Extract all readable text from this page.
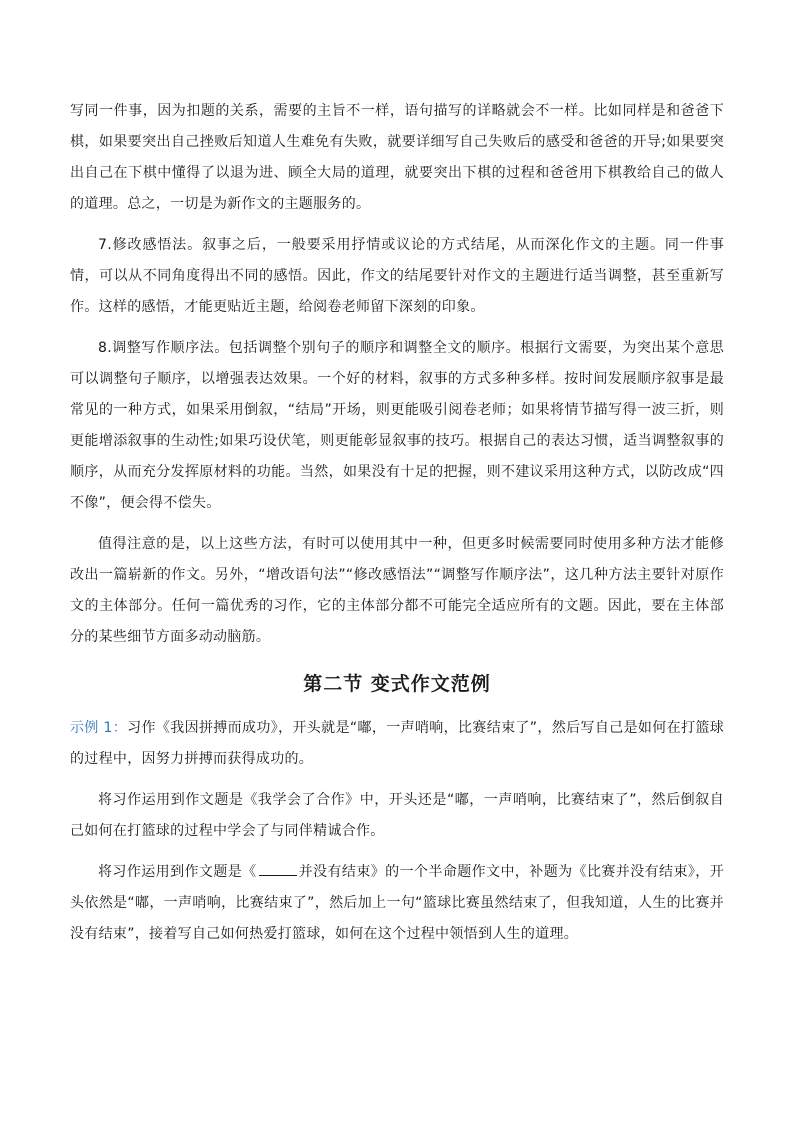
写同一件事，因为扣题的关系，需要的主旨不一样，语句描写的详略就会不一样。比如同样是和爸爸下棋，如果要突出自己挫败后知道人生难免有失败，就要详细写自己失败后的感受和爸爸的开导;如果要突出自己在下棋中懂得了以退为进、顾全大局的道理，就要突出下棋的过程和爸爸用下棋教给自己的做人的道理。总之，一切是为新作文的主题服务的。

7.修改感悟法。叙事之后，一般要采用抒情或议论的方式结尾，从而深化作文的主题。同一件事情，可以从不同角度得出不同的感悟。因此，作文的结尾要针对作文的主题进行适当调整，甚至重新写作。这样的感悟，才能更贴近主题，给阅卷老师留下深刻的印象。

8.调整写作顺序法。包括调整个别句子的顺序和调整全文的顺序。根据行文需要，为突出某个意思可以调整句子顺序，以增强表达效果。一个好的材料，叙事的方式多种多样。按时间发展顺序叙事是最常见的一种方式，如果采用倒叙，“结局”开场，则更能吸引阅卷老师；如果将情节描写得一波三折，则更能增添叙事的生动性;如果巧设伏笔，则更能彰显叙事的技巧。根据自己的表达习惯，适当调整叙事的顺序，从而充分发挥原材料的功能。当然，如果没有十足的把握，则不建议采用这种方式，以防改成“四不像”，便会得不偿失。

值得注意的是，以上这些方法，有时可以使用其中一种，但更多时候需要同时使用多种方法才能修改出一篇崭新的作文。另外，“增改语句法”“修改感悟法”“调整写作顺序法”，这几种方法主要针对原作文的主体部分。任何一篇优秀的习作，它的主体部分都不可能完全适应所有的文题。因此，要在主体部分的某些细节方面多动动脑筋。

第二节 变式作文范例

示例 1：习作《我因拼搏而成功》，开头就是“嘟，一声哨响，比赛结束了”，然后写自己是如何在打篮球的过程中，因努力拼搏而获得成功的。

将习作运用到作文题是《我学会了合作》中，开头还是“嘟，一声哨响，比赛结束了”，然后倒叙自己如何在打篮球的过程中学会了与同伴精诚合作。

将习作运用到作文题是《	并没有结束》的一个半命题作文中，补题为《比赛并没有结束》，开头依然是“嘟，一声哨响，比赛结束了”，然后加上一句“篮球比赛虽然结束了，但我知道，人生的比赛并没有结束”，接着写自己如何热爱打篮球，如何在这个过程中领悟到人生的道理。
